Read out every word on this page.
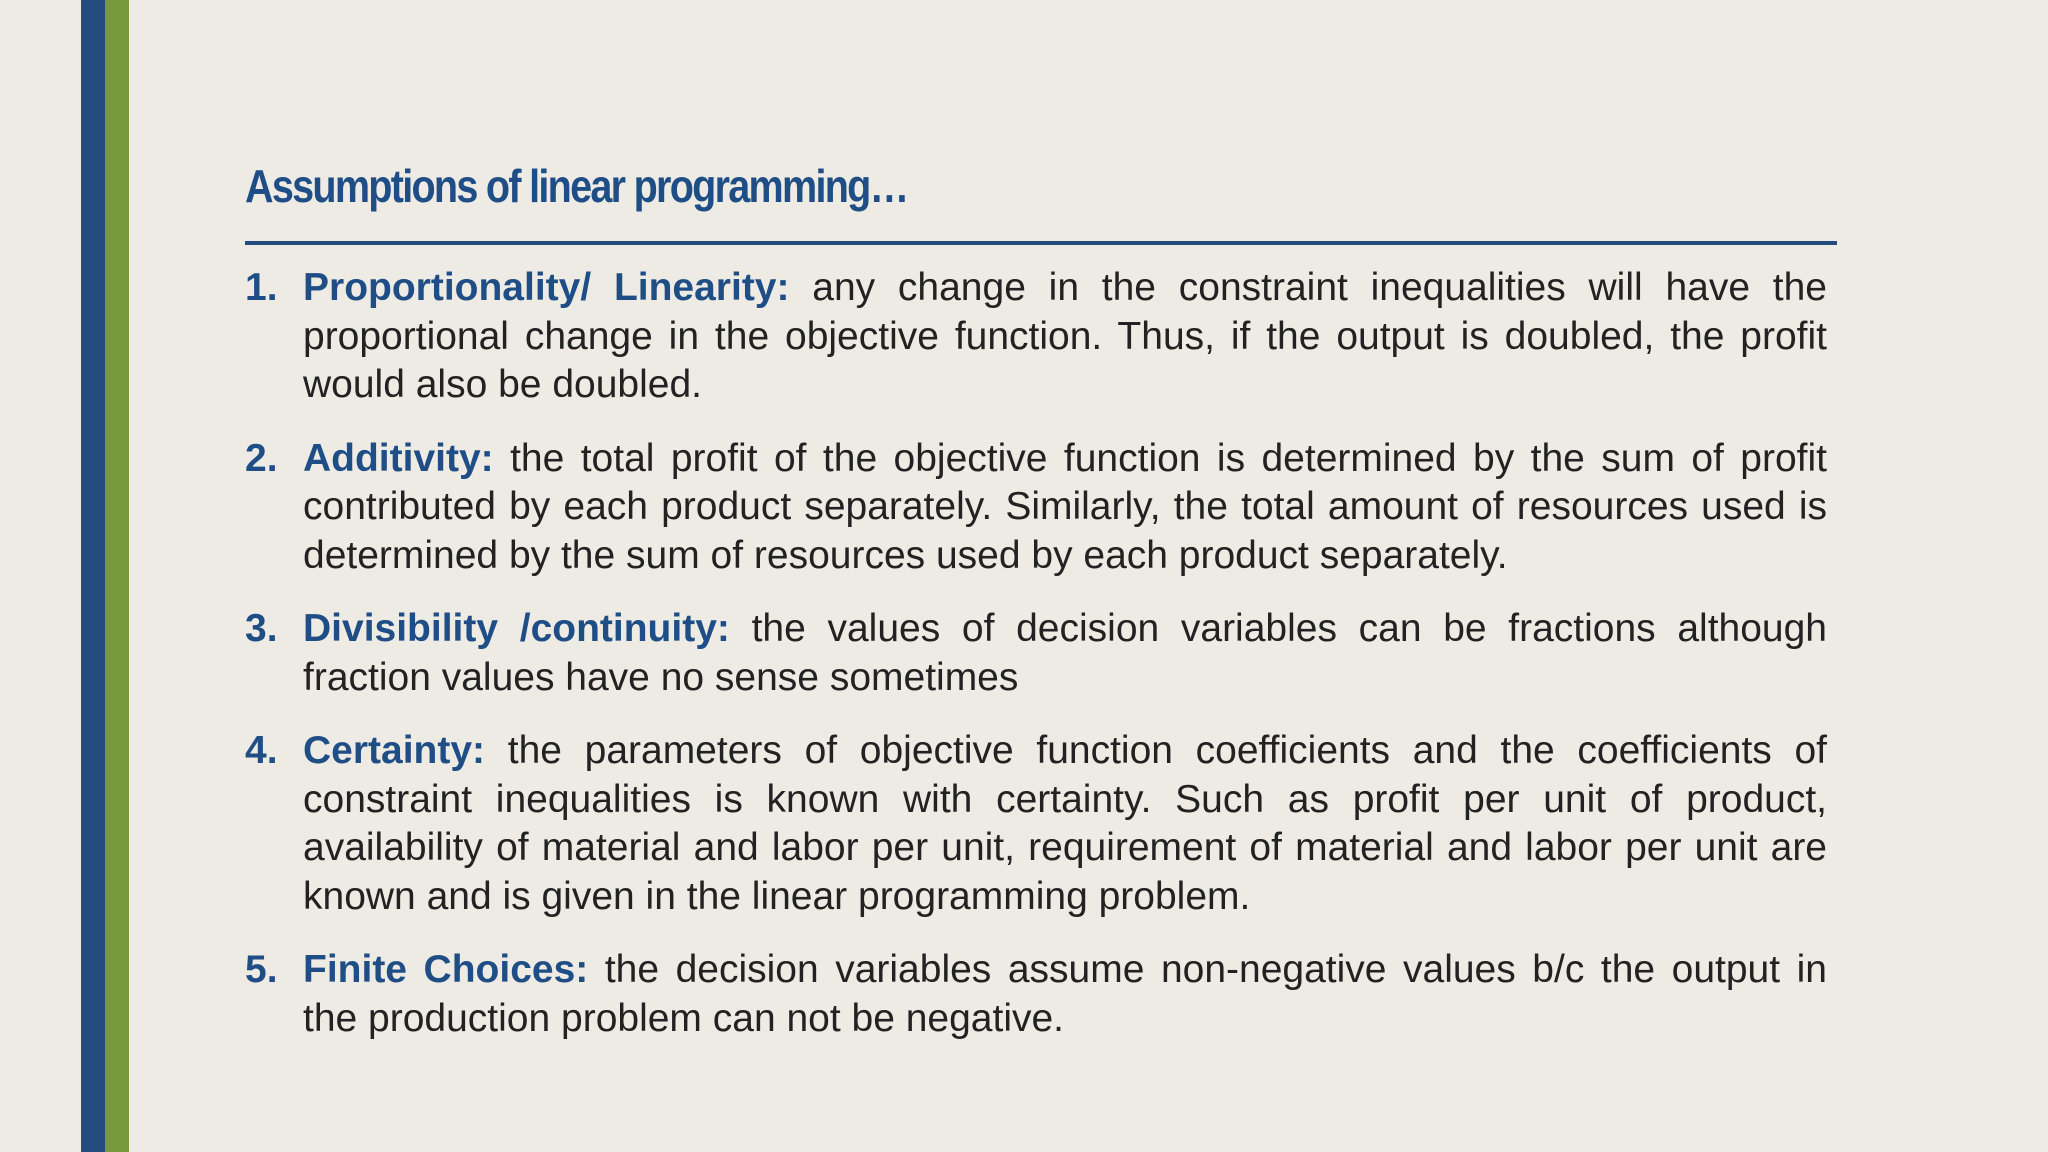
Assumptions of linear programming…
1. Proportionality/ Linearity: any change in the constraint inequalities will have the proportional change in the objective function. Thus, if the output is doubled, the profit would also be doubled.
2. Additivity: the total profit of the objective function is determined by the sum of profit contributed by each product separately. Similarly, the total amount of resources used is determined by the sum of resources used by each product separately.
3. Divisibility /continuity: the values of decision variables can be fractions although fraction values have no sense sometimes
4. Certainty: the parameters of objective function coefficients and the coefficients of constraint inequalities is known with certainty. Such as profit per unit of product, availability of material and labor per unit, requirement of material and labor per unit are known and is given in the linear programming problem.
5. Finite Choices: the decision variables assume non-negative values b/c the output in the production problem can not be negative.
